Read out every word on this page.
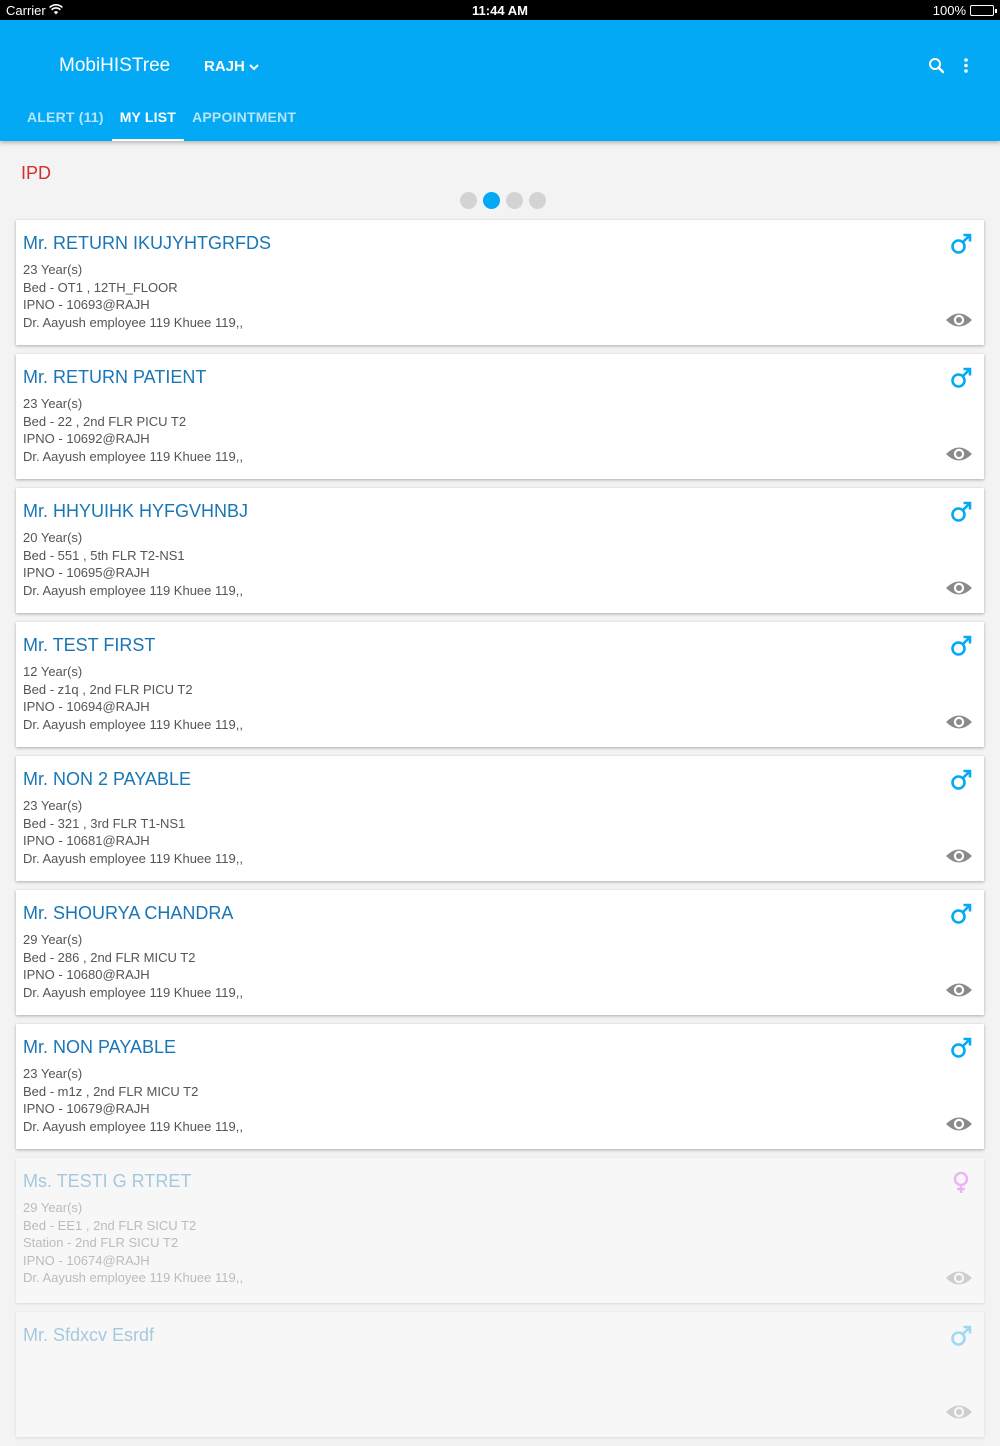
Carrier	11:44 AM	100%
MobiHISTree RAJH
ALERT (11)	MY LIST	APPOINTMENT
IPD
Mr. RETURN IKUJYHTGRFDS
23 Year(s)
Bed - OT1 , 12TH_FLOOR
IPNO - 10693@RAJH
Dr. Aayush employee 119 Khuee 119,,
Mr. RETURN PATIENT
23 Year(s)
Bed - 22 , 2nd FLR PICU T2
IPNO - 10692@RAJH
Dr. Aayush employee 119 Khuee 119,,
Mr. HHYUIHK HYFGVHNBJ
20 Year(s)
Bed - 551 , 5th FLR T2-NS1
IPNO - 10695@RAJH
Dr. Aayush employee 119 Khuee 119,,
Mr. TEST FIRST
12 Year(s)
Bed - z1q , 2nd FLR PICU T2
IPNO - 10694@RAJH
Dr. Aayush employee 119 Khuee 119,,
Mr. NON 2 PAYABLE
23 Year(s)
Bed - 321 , 3rd FLR T1-NS1
IPNO - 10681@RAJH
Dr. Aayush employee 119 Khuee 119,,
Mr. SHOURYA CHANDRA
29 Year(s)
Bed - 286 , 2nd FLR MICU T2
IPNO - 10680@RAJH
Dr. Aayush employee 119 Khuee 119,,
Mr. NON PAYABLE
23 Year(s)
Bed - m1z , 2nd FLR MICU T2
IPNO - 10679@RAJH
Dr. Aayush employee 119 Khuee 119,,
Ms. TESTI G RTRET
29 Year(s)
Bed - EE1 , 2nd FLR SICU T2
Station - 2nd FLR SICU T2
IPNO - 10674@RAJH
Dr. Aayush employee 119 Khuee 119,,
Mr. Sfdxcv Esrdf
